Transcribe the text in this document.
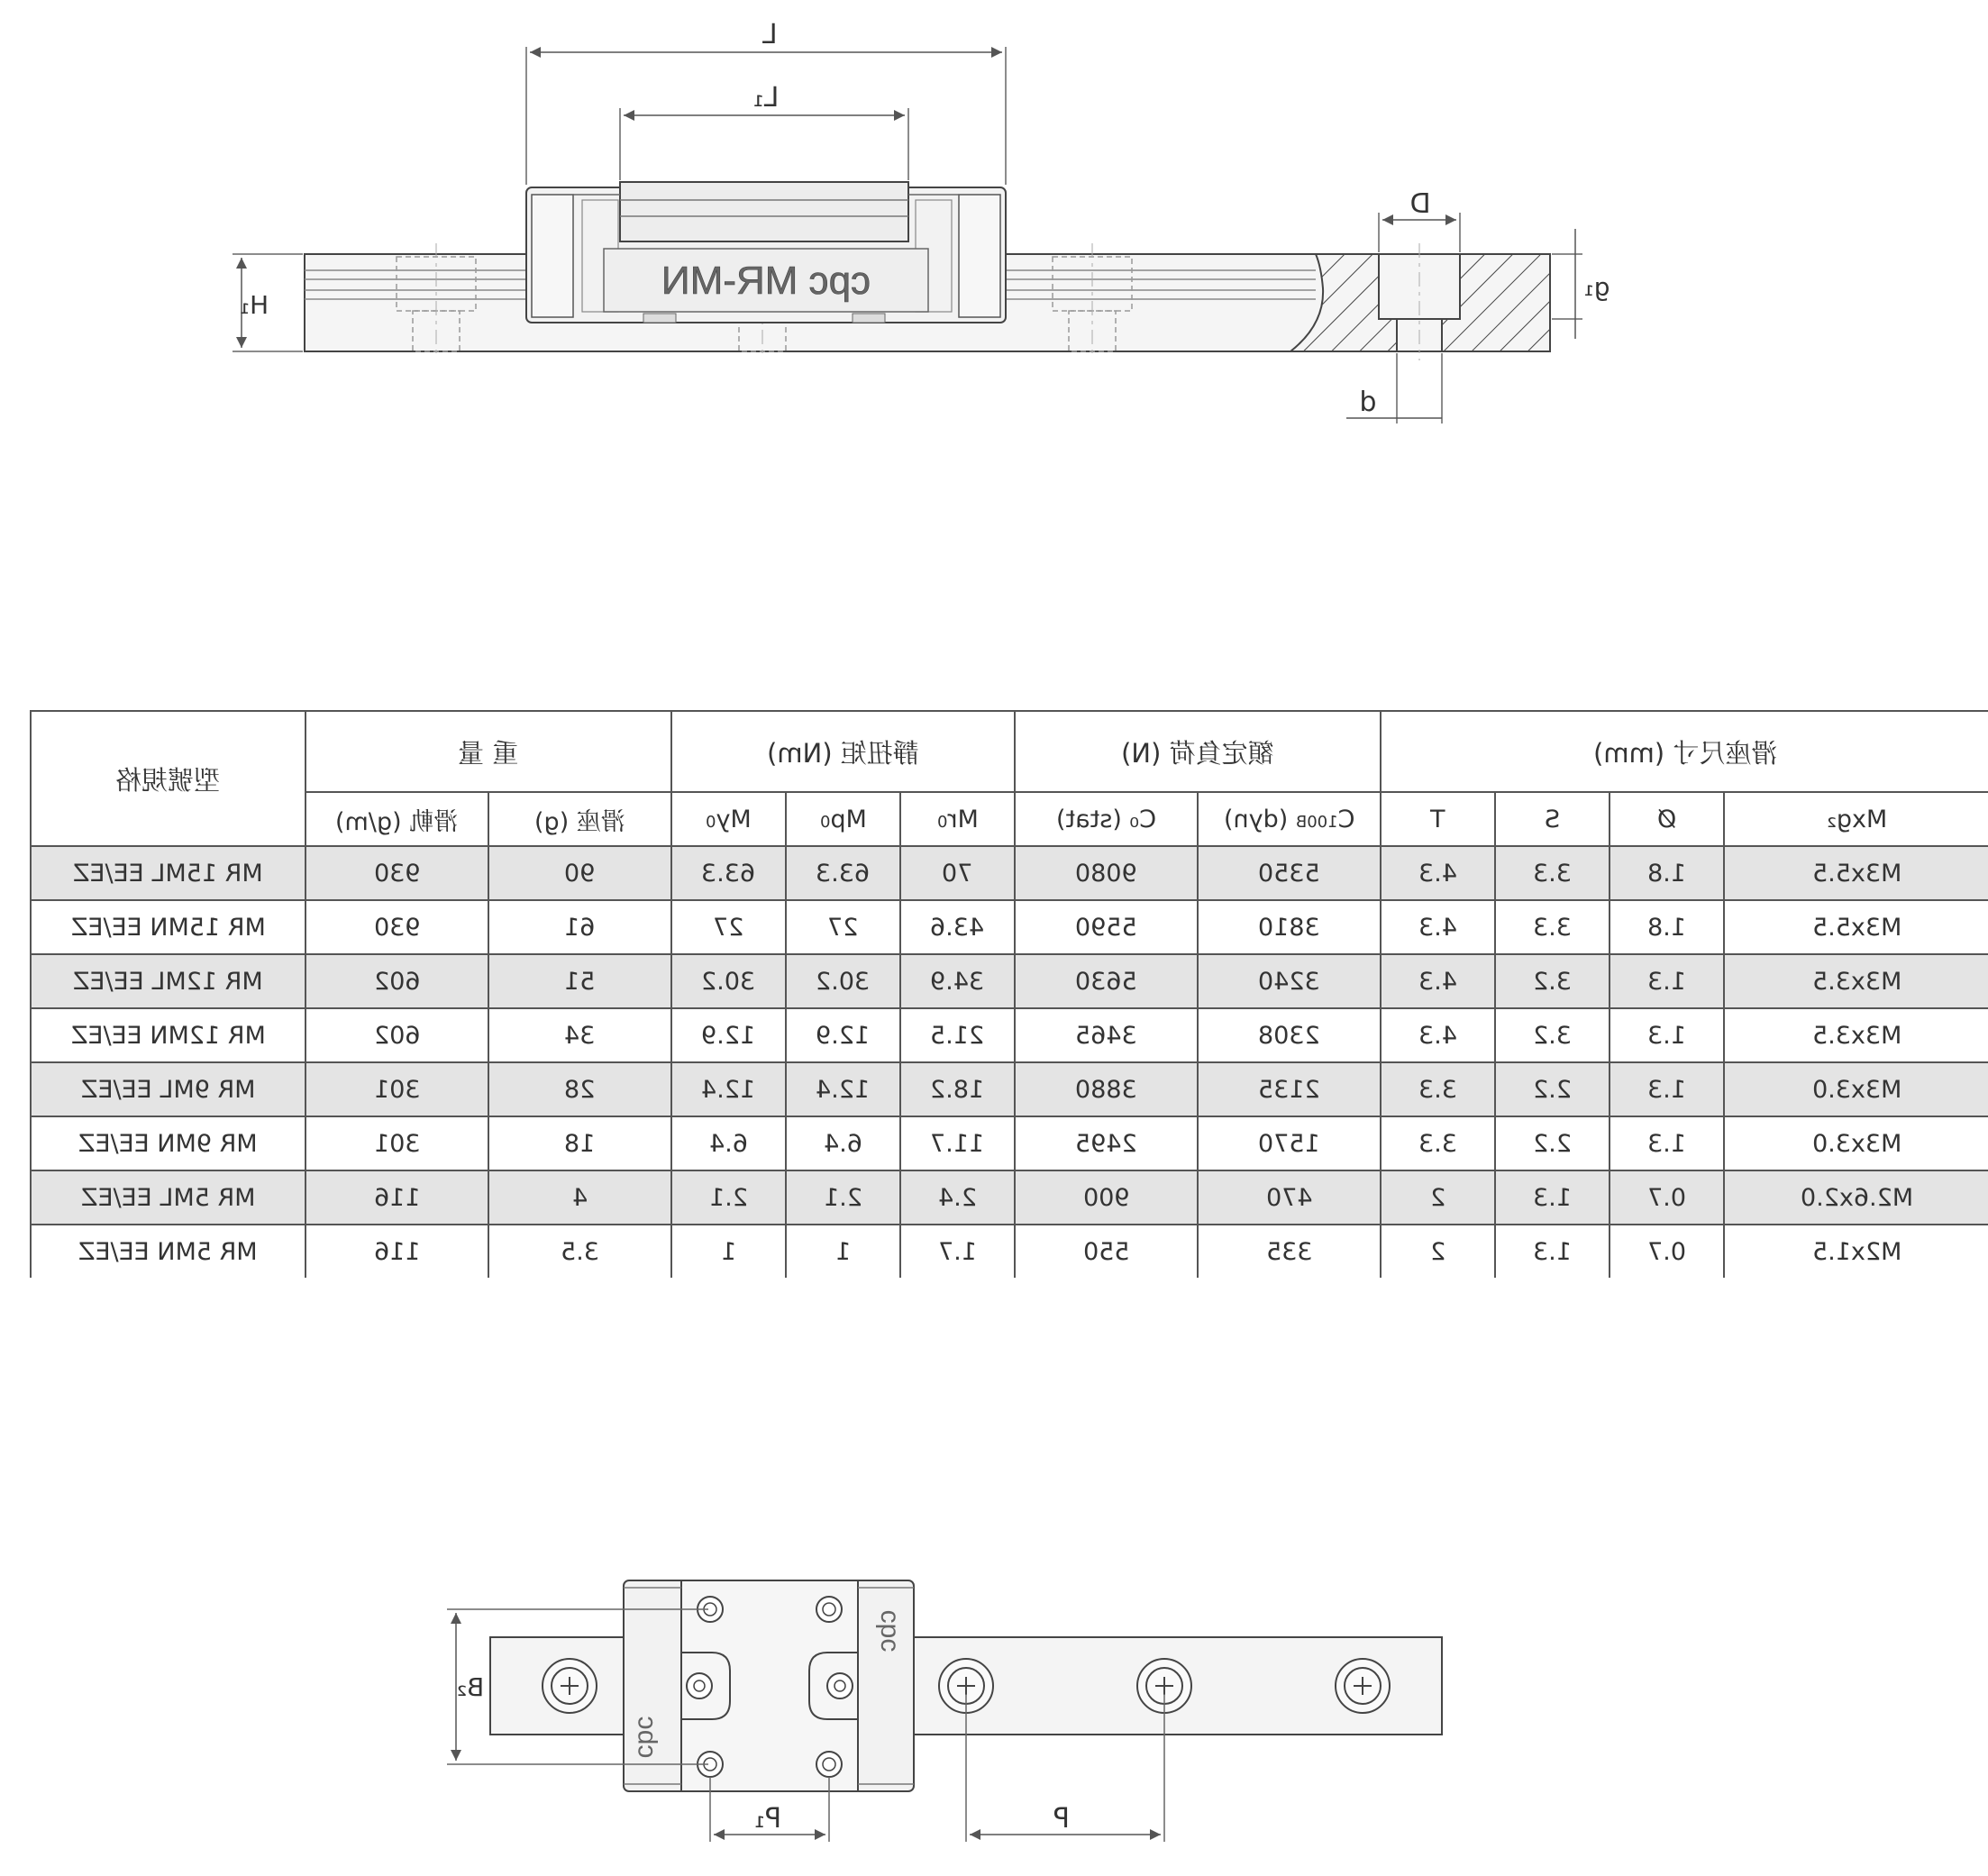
cpc MR-MN
L
L₁
H₁
D
d
g₁
型號規格	重 量		靜扭矩 (Nm)			額定負荷 (N)		滑座尺寸 (mm)				
	滑軌 (g/m)	滑座 (g)	My0	Mp0	Mr0	C₀ (stat)	C100B (dyn)	T	S	Ø	Mxg₂	
MR 15ML EE/EZ	930	90	63.3	63.3	70	9080	5350	4.3	3.3	1.8	M3x5.5	
MR 15MN EE/EZ	930	61	27	27	43.6	5590	3810	4.3	3.3	1.8	M3x5.5	
MR 12ML EE/EZ	602	51	30.2	30.2	34.9	5630	3240	4.3	3.2	1.3	M3x3.5	
MR 12MN EE/EZ	602	34	12.9	12.9	21.5	3465	2308	4.3	3.2	1.3	M3x3.5	
MR 9ML EE/EZ	301	28	12.4	12.4	18.2	3880	2135	3.3	2.2	1.3	M3x3.0	
MR 9MN EE/EZ	301	18	6.4	6.4	11.7	2495	1570	3.3	2.2	1.3	M3x3.0	
MR 5ML EE/EZ	116	4	2.1	2.1	2.4	900	470	2	1.3	0.7	M2.6x2.0	
MR 5MN EE/EZ	116	3.5	1	1	1.7	550	335	2	1.3	0.7	M2x1.5	
cpc
cpc
B₂
P₁	P
